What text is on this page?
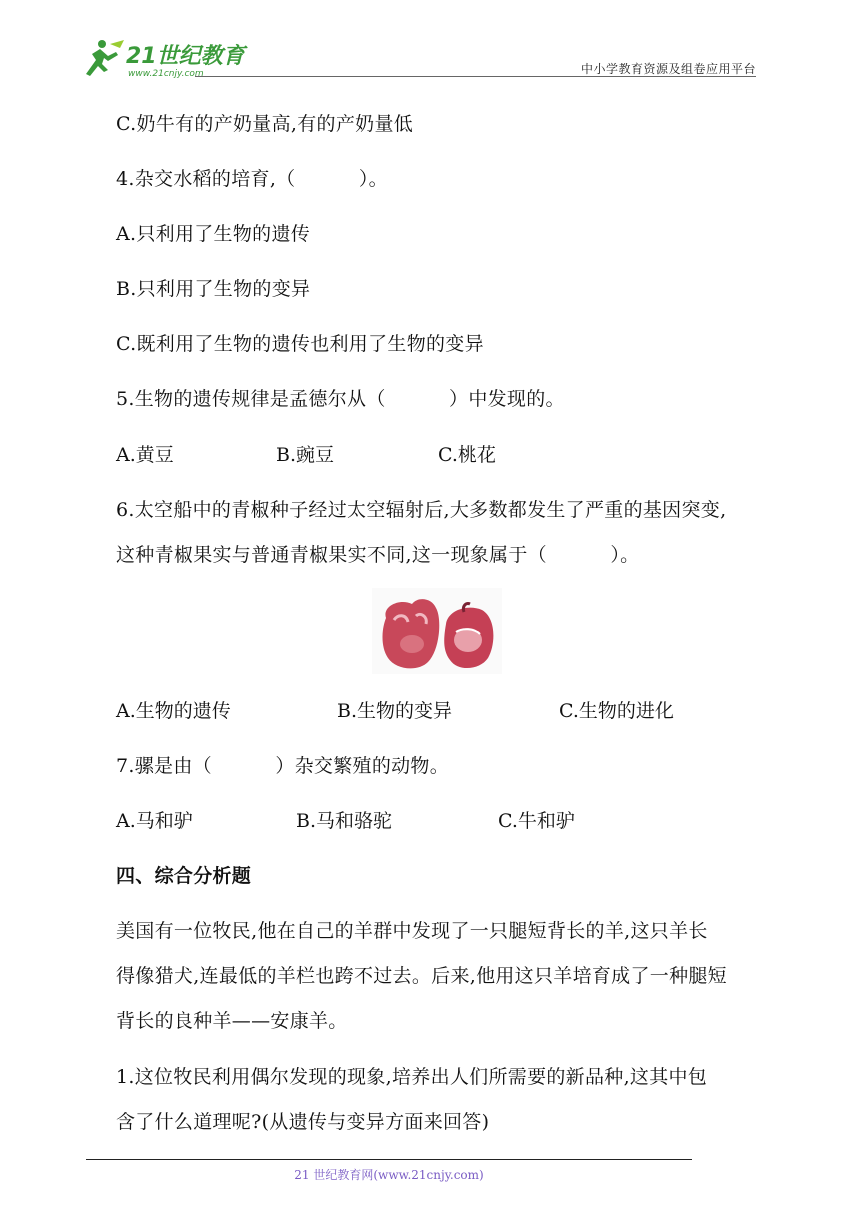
21世纪教育
www.21cnjy.com	中小学教育资源及组卷应用平台
C.奶牛有的产奶量高,有的产奶量低
4.杂交水稻的培育,（          ）。
A.只利用了生物的遗传
B.只利用了生物的变异
C.既利用了生物的遗传也利用了生物的变异
5.生物的遗传规律是孟德尔从（          ）中发现的。
A.黄豆	B.豌豆	C.桃花
6.太空船中的青椒种子经过太空辐射后,大多数都发生了严重的基因突变,
这种青椒果实与普通青椒果实不同,这一现象属于（          ）。
A.生物的遗传	B.生物的变异	C.生物的进化
7.骡是由（          ）杂交繁殖的动物。
A.马和驴	B.马和骆驼	C.牛和驴
四、综合分析题
美国有一位牧民,他在自己的羊群中发现了一只腿短背长的羊,这只羊长
得像猎犬,连最低的羊栏也跨不过去。后来,他用这只羊培育成了一种腿短
背长的良种羊——安康羊。
1.这位牧民利用偶尔发现的现象,培养出人们所需要的新品种,这其中包
含了什么道理呢?(从遗传与变异方面来回答)
21 世纪教育网(www.21cnjy.com)
